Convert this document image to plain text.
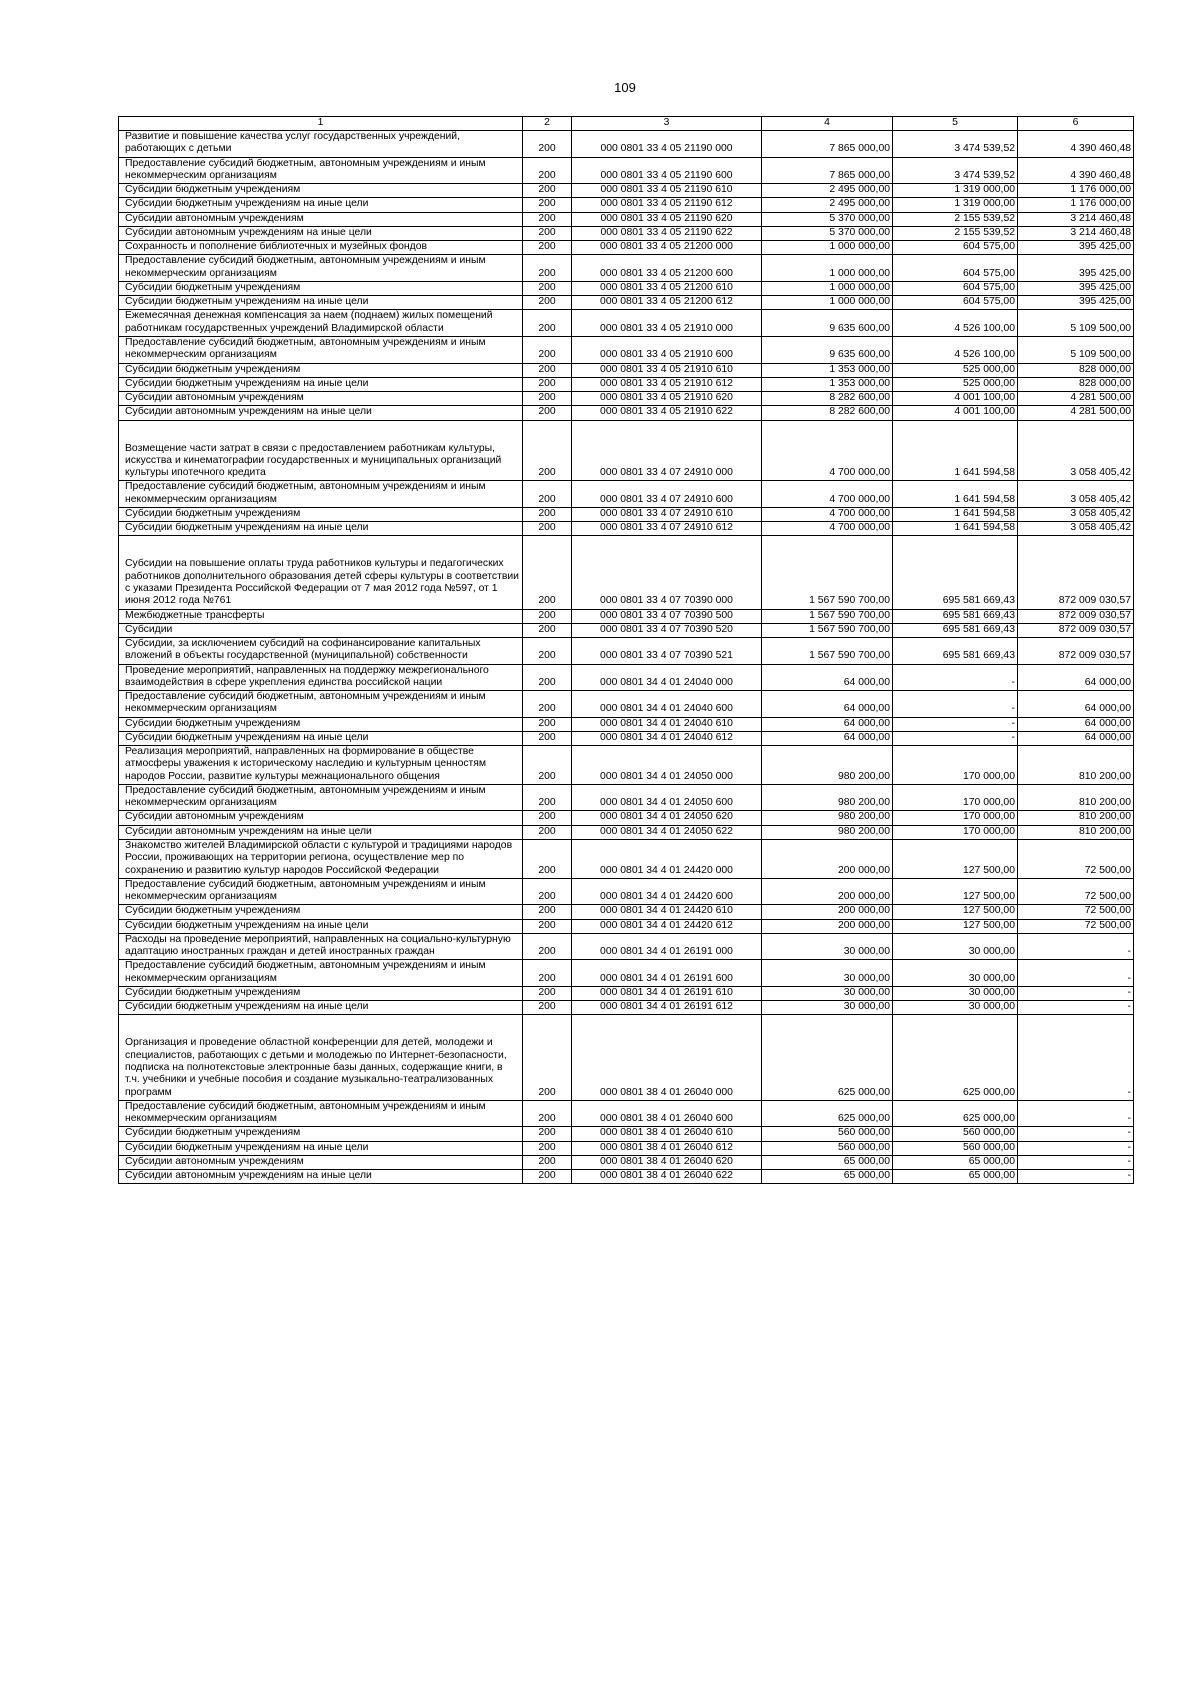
109
1	2	3	4	5	6
Развитие и повышение качества услуг государственных учреждений, работающих с детьми	200	000 0801 33 4 05 21190 000	7 865 000,00	3 474 539,52	4 390 460,48
Предоставление субсидий бюджетным, автономным учреждениям и иным некоммерческим организациям	200	000 0801 33 4 05 21190 600	7 865 000,00	3 474 539,52	4 390 460,48
Субсидии бюджетным учреждениям	200	000 0801 33 4 05 21190 610	2 495 000,00	1 319 000,00	1 176 000,00
Субсидии бюджетным учреждениям на иные цели	200	000 0801 33 4 05 21190 612	2 495 000,00	1 319 000,00	1 176 000,00
Субсидии автономным учреждениям	200	000 0801 33 4 05 21190 620	5 370 000,00	2 155 539,52	3 214 460,48
Субсидии автономным учреждениям на иные цели	200	000 0801 33 4 05 21190 622	5 370 000,00	2 155 539,52	3 214 460,48
Сохранность и пополнение библиотечных и музейных фондов	200	000 0801 33 4 05 21200 000	1 000 000,00	604 575,00	395 425,00
Предоставление субсидий бюджетным, автономным учреждениям и иным некоммерческим организациям	200	000 0801 33 4 05 21200 600	1 000 000,00	604 575,00	395 425,00
Субсидии бюджетным учреждениям	200	000 0801 33 4 05 21200 610	1 000 000,00	604 575,00	395 425,00
Субсидии бюджетным учреждениям на иные цели	200	000 0801 33 4 05 21200 612	1 000 000,00	604 575,00	395 425,00
Ежемесячная денежная компенсация за наем (поднаем) жилых помещений работникам государственных учреждений Владимирской области	200	000 0801 33 4 05 21910 000	9 635 600,00	4 526 100,00	5 109 500,00
Предоставление субсидий бюджетным, автономным учреждениям и иным некоммерческим организациям	200	000 0801 33 4 05 21910 600	9 635 600,00	4 526 100,00	5 109 500,00
Субсидии бюджетным учреждениям	200	000 0801 33 4 05 21910 610	1 353 000,00	525 000,00	828 000,00
Субсидии бюджетным учреждениям на иные цели	200	000 0801 33 4 05 21910 612	1 353 000,00	525 000,00	828 000,00
Субсидии автономным учреждениям	200	000 0801 33 4 05 21910 620	8 282 600,00	4 001 100,00	4 281 500,00
Субсидии автономным учреждениям на иные цели	200	000 0801 33 4 05 21910 622	8 282 600,00	4 001 100,00	4 281 500,00
Возмещение части затрат в связи с предоставлением работникам культуры, искусства и кинематографии государственных и муниципальных организаций культуры ипотечного кредита	200	000 0801 33 4 07 24910 000	4 700 000,00	1 641 594,58	3 058 405,42
Предоставление субсидий бюджетным, автономным учреждениям и иным некоммерческим организациям	200	000 0801 33 4 07 24910 600	4 700 000,00	1 641 594,58	3 058 405,42
Субсидии бюджетным учреждениям	200	000 0801 33 4 07 24910 610	4 700 000,00	1 641 594,58	3 058 405,42
Субсидии бюджетным учреждениям на иные цели	200	000 0801 33 4 07 24910 612	4 700 000,00	1 641 594,58	3 058 405,42
Субсидии на повышение оплаты труда работников культуры и педагогических работников дополнительного образования детей сферы культуры в соответствии с указами Президента Российской Федерации от 7 мая 2012 года №597, от 1 июня 2012 года №761	200	000 0801 33 4 07 70390 000	1 567 590 700,00	695 581 669,43	872 009 030,57
Межбюджетные трансферты	200	000 0801 33 4 07 70390 500	1 567 590 700,00	695 581 669,43	872 009 030,57
Субсидии	200	000 0801 33 4 07 70390 520	1 567 590 700,00	695 581 669,43	872 009 030,57
Субсидии, за исключением субсидий на софинансирование капитальных вложений в объекты государственной (муниципальной) собственности	200	000 0801 33 4 07 70390 521	1 567 590 700,00	695 581 669,43	872 009 030,57
Проведение мероприятий, направленных на поддержку межрегионального взаимодействия в сфере укрепления единства российской нации	200	000 0801 34 4 01 24040 000	64 000,00	-	64 000,00
Предоставление субсидий бюджетным, автономным учреждениям и иным некоммерческим организациям	200	000 0801 34 4 01 24040 600	64 000,00	-	64 000,00
Субсидии бюджетным учреждениям	200	000 0801 34 4 01 24040 610	64 000,00	-	64 000,00
Субсидии бюджетным учреждениям на иные цели	200	000 0801 34 4 01 24040 612	64 000,00	-	64 000,00
Реализация мероприятий, направленных на формирование в обществе атмосферы уважения к историческому наследию и культурным ценностям народов России, развитие культуры межнационального общения	200	000 0801 34 4 01 24050 000	980 200,00	170 000,00	810 200,00
Предоставление субсидий бюджетным, автономным учреждениям и иным некоммерческим организациям	200	000 0801 34 4 01 24050 600	980 200,00	170 000,00	810 200,00
Субсидии автономным учреждениям	200	000 0801 34 4 01 24050 620	980 200,00	170 000,00	810 200,00
Субсидии автономным учреждениям на иные цели	200	000 0801 34 4 01 24050 622	980 200,00	170 000,00	810 200,00
Знакомство жителей Владимирской области с культурой и традициями народов России, проживающих на территории региона, осуществление мер по сохранению и развитию культур народов Российской Федерации	200	000 0801 34 4 01 24420 000	200 000,00	127 500,00	72 500,00
Предоставление субсидий бюджетным, автономным учреждениям и иным некоммерческим организациям	200	000 0801 34 4 01 24420 600	200 000,00	127 500,00	72 500,00
Субсидии бюджетным учреждениям	200	000 0801 34 4 01 24420 610	200 000,00	127 500,00	72 500,00
Субсидии бюджетным учреждениям на иные цели	200	000 0801 34 4 01 24420 612	200 000,00	127 500,00	72 500,00
Расходы на проведение мероприятий, направленных на социально-культурную адаптацию иностранных граждан и детей иностранных граждан	200	000 0801 34 4 01 26191 000	30 000,00	30 000,00	-
Предоставление субсидий бюджетным, автономным учреждениям и иным некоммерческим организациям	200	000 0801 34 4 01 26191 600	30 000,00	30 000,00	-
Субсидии бюджетным учреждениям	200	000 0801 34 4 01 26191 610	30 000,00	30 000,00	-
Субсидии бюджетным учреждениям на иные цели	200	000 0801 34 4 01 26191 612	30 000,00	30 000,00	-
Организация и проведение областной конференции для детей, молодежи и специалистов, работающих с детьми и молодежью по Интернет-безопасности, подписка на полнотекстовые электронные базы данных, содержащие книги, в т.ч. учебники и учебные пособия и создание музыкально-театрализованных программ	200	000 0801 38 4 01 26040 000	625 000,00	625 000,00	-
Предоставление субсидий бюджетным, автономным учреждениям и иным некоммерческим организациям	200	000 0801 38 4 01 26040 600	625 000,00	625 000,00	-
Субсидии бюджетным учреждениям	200	000 0801 38 4 01 26040 610	560 000,00	560 000,00	-
Субсидии бюджетным учреждениям на иные цели	200	000 0801 38 4 01 26040 612	560 000,00	560 000,00	-
Субсидии автономным учреждениям	200	000 0801 38 4 01 26040 620	65 000,00	65 000,00	-
Субсидии автономным учреждениям на иные цели	200	000 0801 38 4 01 26040 622	65 000,00	65 000,00	-
